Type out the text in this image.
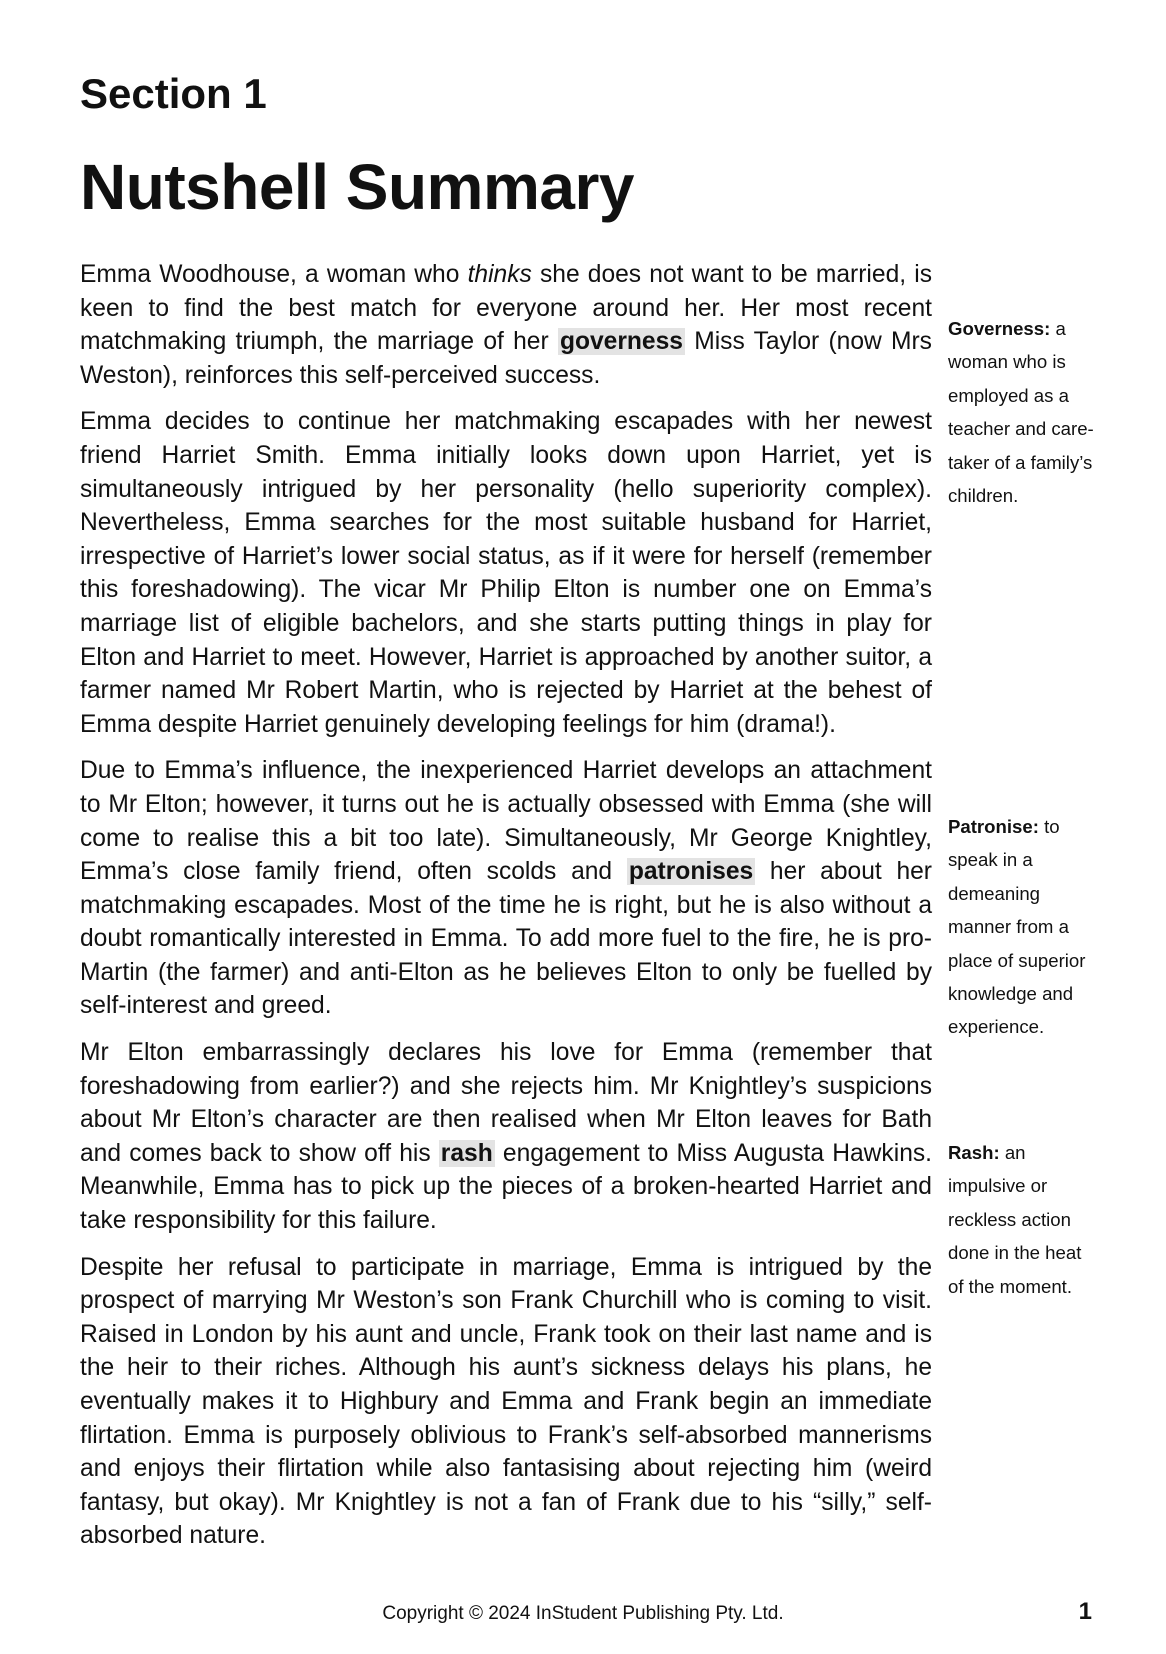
Section 1
Nutshell Summary

Emma Woodhouse, a woman who thinks she does not want to be married, is keen to find the best match for everyone around her. Her most recent matchmaking triumph, the marriage of her governess Miss Taylor (now Mrs Weston), reinforces this self-perceived success.

Emma decides to continue her matchmaking escapades with her newest friend Harriet Smith. Emma initially looks down upon Harriet, yet is simultaneously intrigued by her personality (hello superiority complex). Nevertheless, Emma searches for the most suitable husband for Harriet, irrespective of Harriet’s lower social status, as if it were for herself (remember this foreshadowing). The vicar Mr Philip Elton is number one on Emma’s marriage list of eligible bachelors, and she starts putting things in play for Elton and Harriet to meet. However, Harriet is approached by another suitor, a farmer named Mr Robert Martin, who is rejected by Harriet at the behest of Emma despite Harriet genuinely developing feelings for him (drama!).

Due to Emma’s influence, the inexperienced Harriet develops an attachment to Mr Elton; however, it turns out he is actually obsessed with Emma (she will come to realise this a bit too late). Simultaneously, Mr George Knightley, Emma’s close family friend, often scolds and patronises her about her matchmaking escapades. Most of the time he is right, but he is also without a doubt romantically interested in Emma. To add more fuel to the fire, he is pro-Martin (the farmer) and anti-Elton as he believes Elton to only be fuelled by self-interest and greed.

Mr Elton embarrassingly declares his love for Emma (remember that foreshadowing from earlier?) and she rejects him. Mr Knightley’s suspicions about Mr Elton’s character are then realised when Mr Elton leaves for Bath and comes back to show off his rash engagement to Miss Augusta Hawkins. Meanwhile, Emma has to pick up the pieces of a broken-hearted Harriet and take responsibility for this failure.

Despite her refusal to participate in marriage, Emma is intrigued by the prospect of marrying Mr Weston’s son Frank Churchill who is coming to visit. Raised in London by his aunt and uncle, Frank took on their last name and is the heir to their riches. Although his aunt’s sickness delays his plans, he eventually makes it to Highbury and Emma and Frank begin an immediate flirtation. Emma is purposely oblivious to Frank’s self-absorbed mannerisms and enjoys their flirtation while also fantasising about rejecting him (weird fantasy, but okay). Mr Knightley is not a fan of Frank due to his “silly,” self-absorbed nature.

Governess: a woman who is employed as a teacher and care-taker of a family’s children.
Patronise: to speak in a demeaning manner from a place of superior knowledge and experience.
Rash: an impulsive or reckless action done in the heat of the moment.
Copyright © 2024 InStudent Publishing Pty. Ltd.	1
